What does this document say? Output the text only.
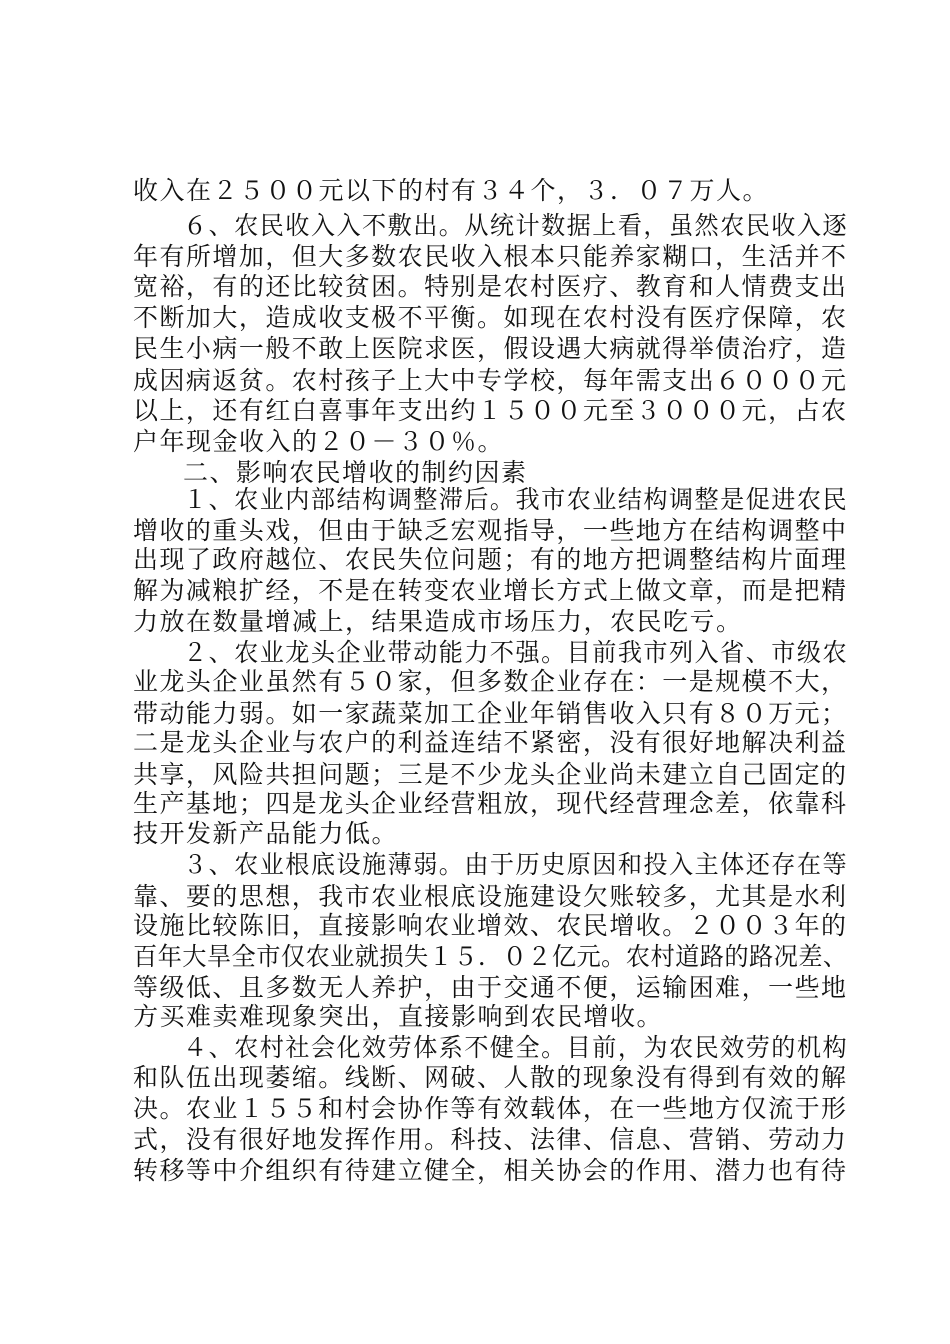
收入在２５００元以下的村有３４个，３．０７万人。
６、农民收入入不敷出。从统计数据上看，虽然农民收入逐
年有所增加，但大多数农民收入根本只能养家糊口，生活并不
宽裕，有的还比较贫困。特别是农村医疗、教育和人情费支出
不断加大，造成收支极不平衡。如现在农村没有医疗保障，农
民生小病一般不敢上医院求医，假设遇大病就得举债治疗，造
成因病返贫。农村孩子上大中专学校，每年需支出６０００元
以上，还有红白喜事年支出约１５００元至３０００元，占农
户年现金收入的２０－３０％。
二、影响农民增收的制约因素
１、农业内部结构调整滞后。我市农业结构调整是促进农民
增收的重头戏，但由于缺乏宏观指导，一些地方在结构调整中
出现了政府越位、农民失位问题；有的地方把调整结构片面理
解为减粮扩经，不是在转变农业增长方式上做文章，而是把精
力放在数量增减上，结果造成市场压力，农民吃亏。
２、农业龙头企业带动能力不强。目前我市列入省、市级农
业龙头企业虽然有５０家，但多数企业存在：一是规模不大，
带动能力弱。如一家蔬菜加工企业年销售收入只有８０万元；
二是龙头企业与农户的利益连结不紧密，没有很好地解决利益
共享，风险共担问题；三是不少龙头企业尚未建立自己固定的
生产基地；四是龙头企业经营粗放，现代经营理念差，依靠科
技开发新产品能力低。
３、农业根底设施薄弱。由于历史原因和投入主体还存在等
靠、要的思想，我市农业根底设施建设欠账较多，尤其是水利
设施比较陈旧，直接影响农业增效、农民增收。２００３年的
百年大旱全市仅农业就损失１５．０２亿元。农村道路的路况差、
等级低、且多数无人养护，由于交通不便，运输困难，一些地
方买难卖难现象突出，直接影响到农民增收。
４、农村社会化效劳体系不健全。目前，为农民效劳的机构
和队伍出现萎缩。线断、网破、人散的现象没有得到有效的解
决。农业１５５和村会协作等有效载体，在一些地方仅流于形
式，没有很好地发挥作用。科技、法律、信息、营销、劳动力
转移等中介组织有待建立健全，相关协会的作用、潜力也有待
